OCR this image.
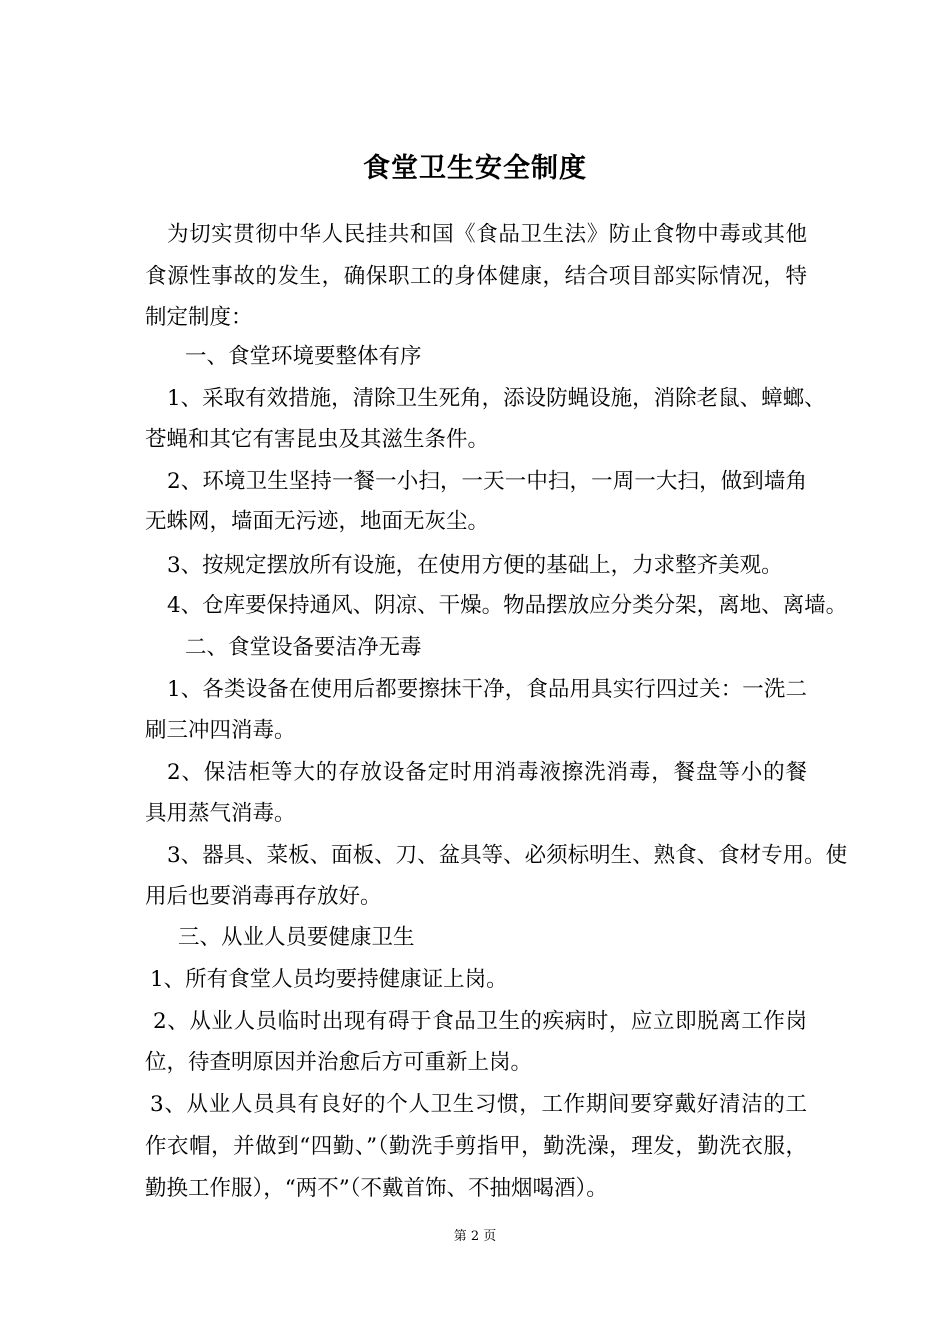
食堂卫生安全制度
为切实贯彻中华人民挂共和国《食品卫生法》防止食物中毒或其他
食源性事故的发生，确保职工的身体健康，结合项目部实际情况，特
制定制度：
一、食堂环境要整体有序
1、采取有效措施，清除卫生死角，添设防蝇设施，消除老鼠、蟑螂、
苍蝇和其它有害昆虫及其滋生条件。
2、环境卫生坚持一餐一小扫，一天一中扫，一周一大扫，做到墙角
无蛛网，墙面无污迹，地面无灰尘。
3、按规定摆放所有设施，在使用方便的基础上，力求整齐美观。
4、仓库要保持通风、阴凉、干燥。物品摆放应分类分架，离地、离墙。
二、食堂设备要洁净无毒
1、各类设备在使用后都要擦抹干净，食品用具实行四过关：一洗二
刷三冲四消毒。
2、保洁柜等大的存放设备定时用消毒液擦洗消毒，餐盘等小的餐
具用蒸气消毒。
3、器具、菜板、面板、刀、盆具等、必须标明生、熟食、食材专用。使
用后也要消毒再存放好。
三、从业人员要健康卫生
1、所有食堂人员均要持健康证上岗。
2、从业人员临时出现有碍于食品卫生的疾病时，应立即脱离工作岗
位，待查明原因并治愈后方可重新上岗。
3、从业人员具有良好的个人卫生习惯，工作期间要穿戴好清洁的工
作衣帽，并做到“四勤、”（勤洗手剪指甲，勤洗澡，理发，勤洗衣服，
勤换工作服），“两不”（不戴首饰、不抽烟喝酒）。
第 2 页
